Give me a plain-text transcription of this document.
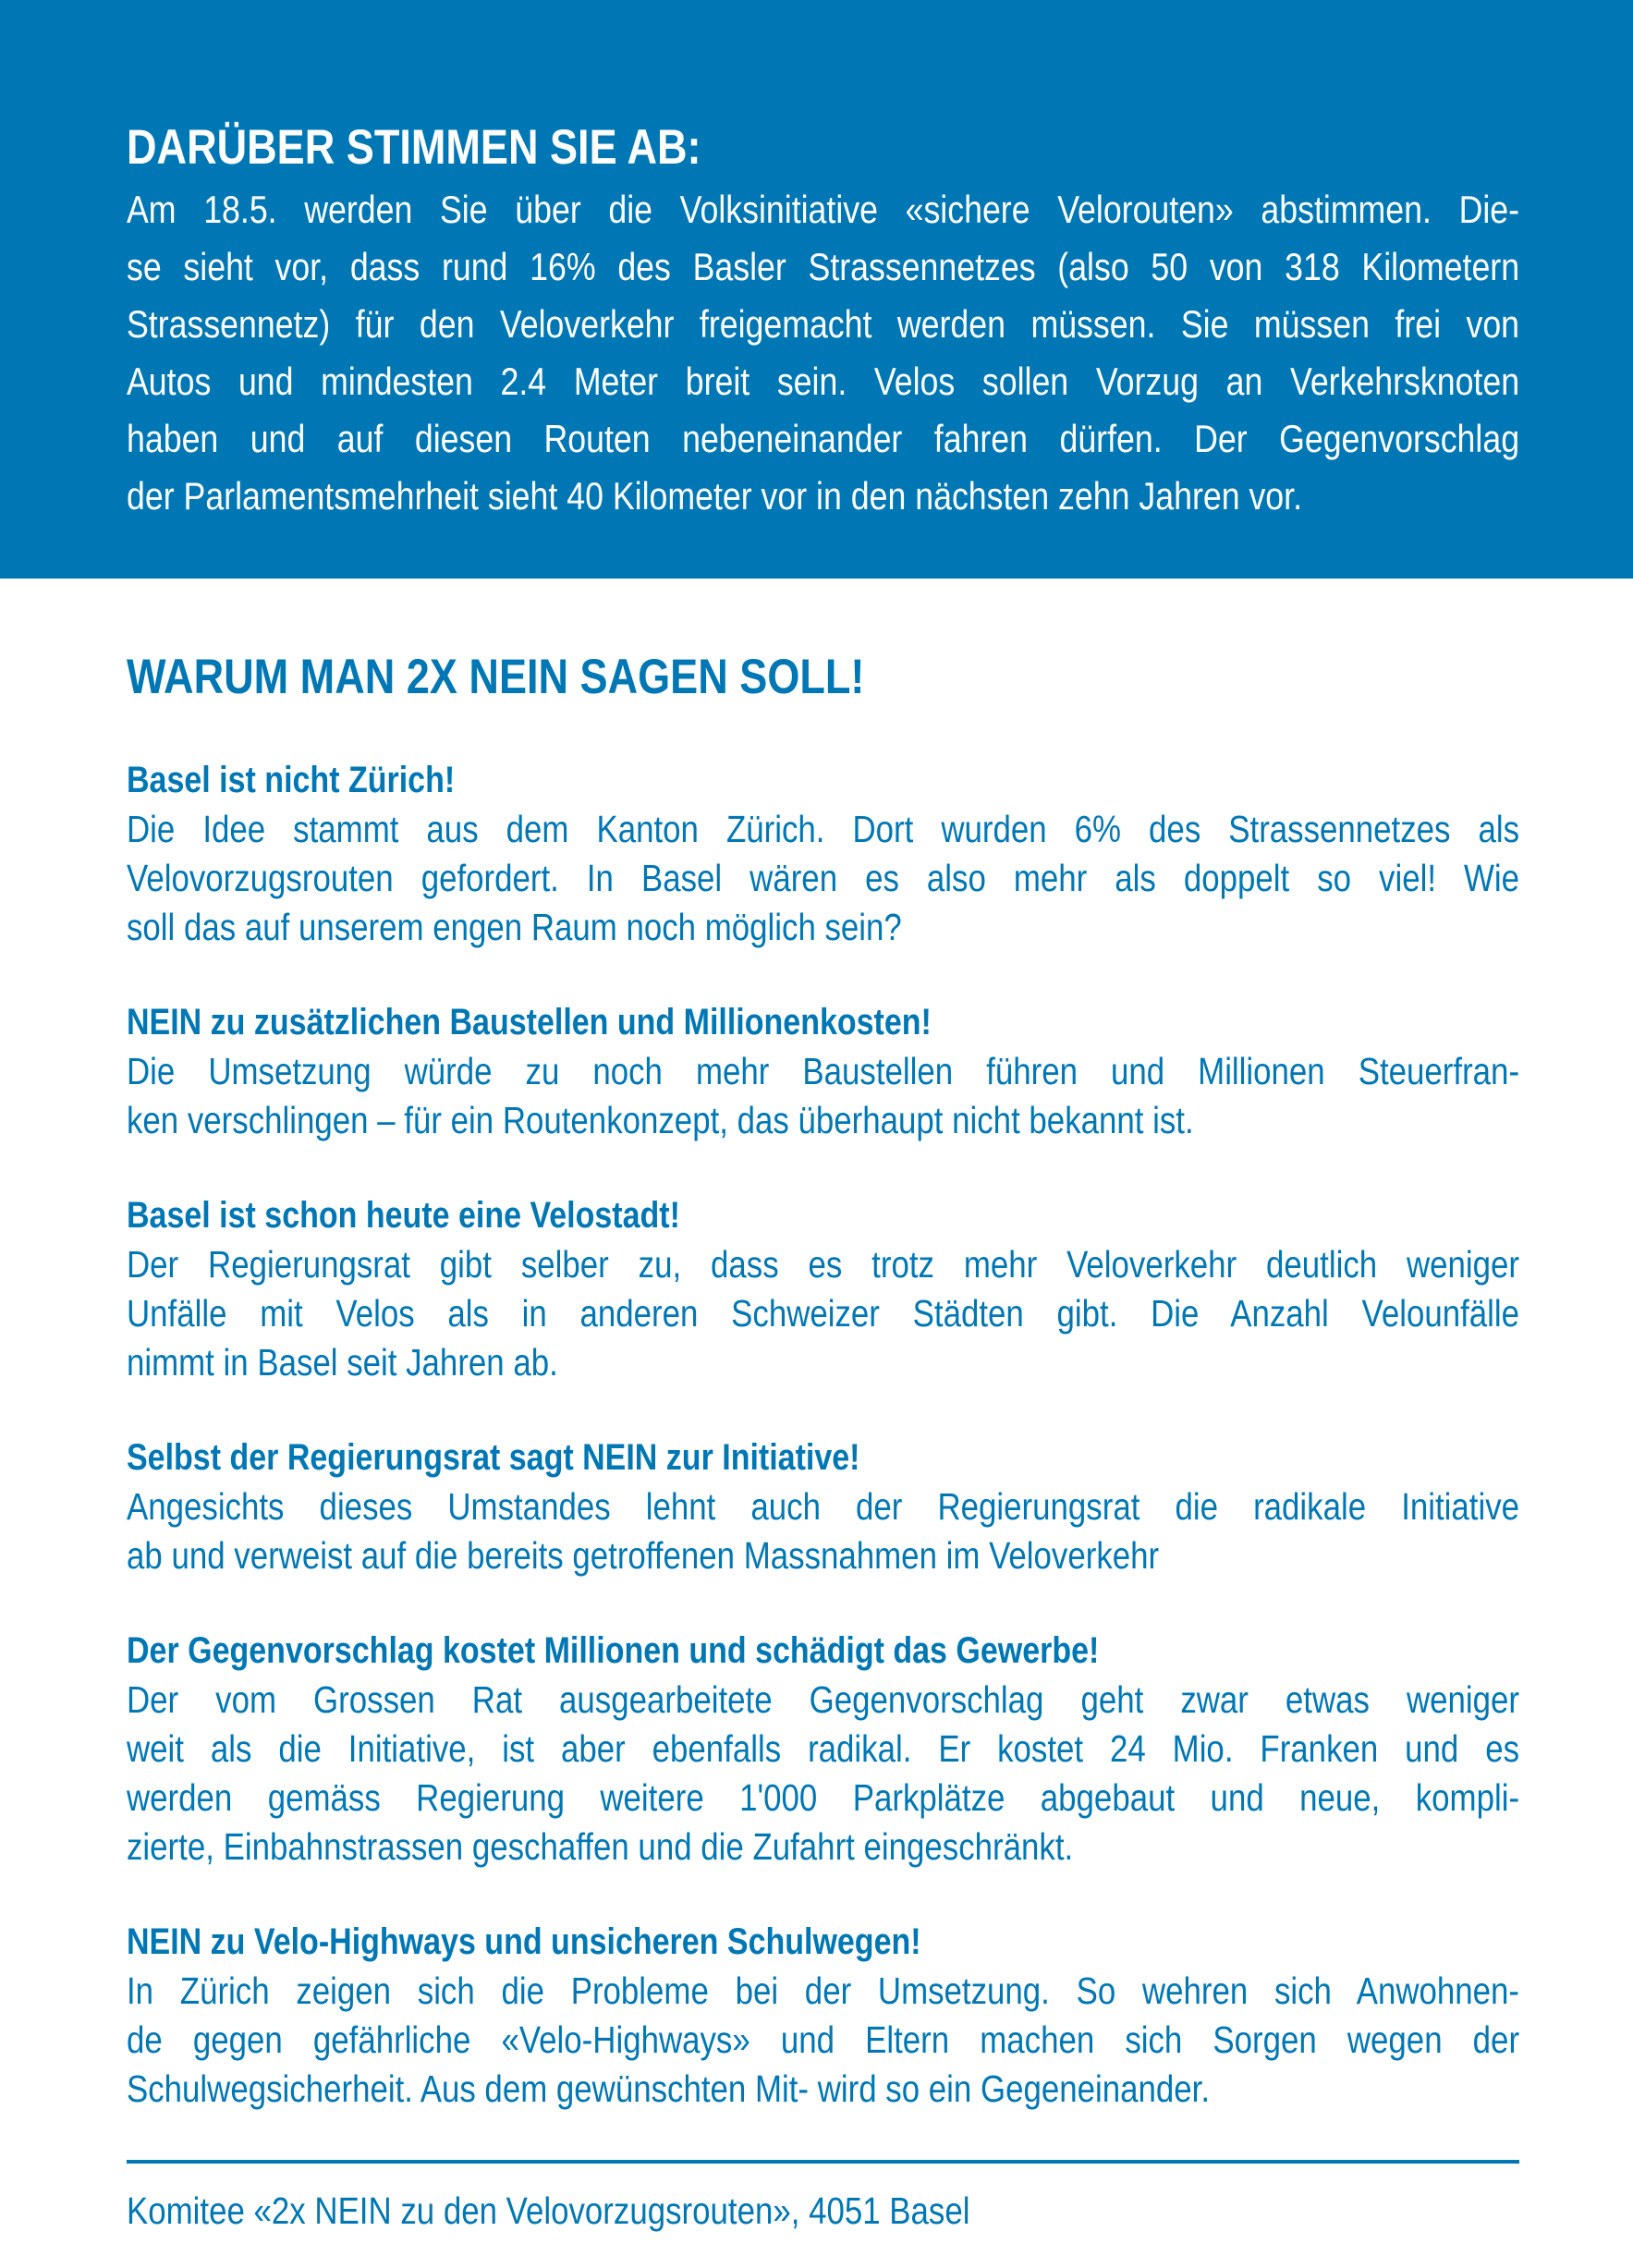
DARÜBER STIMMEN SIE AB:
Am 18.5. werden Sie über die Volksinitiative «sichere Velorouten» abstimmen. Die-
se sieht vor, dass rund 16% des Basler Strassennetzes (also 50 von 318 Kilometern
Strassennetz) für den Veloverkehr freigemacht werden müssen. Sie müssen frei von
Autos und mindesten 2.4 Meter breit sein. Velos sollen Vorzug an Verkehrsknoten
haben und auf diesen Routen nebeneinander fahren dürfen. Der Gegenvorschlag
der Parlamentsmehrheit sieht 40 Kilometer vor in den nächsten zehn Jahren vor.
WARUM MAN 2X NEIN SAGEN SOLL!
Basel ist nicht Zürich!
Die Idee stammt aus dem Kanton Zürich. Dort wurden 6% des Strassennetzes als
Velovorzugsrouten gefordert. In Basel wären es also mehr als doppelt so viel! Wie
soll das auf unserem engen Raum noch möglich sein?
NEIN zu zusätzlichen Baustellen und Millionenkosten!
Die Umsetzung würde zu noch mehr Baustellen führen und Millionen Steuerfran-
ken verschlingen – für ein Routenkonzept, das überhaupt nicht bekannt ist.
Basel ist schon heute eine Velostadt!
Der Regierungsrat gibt selber zu, dass es trotz mehr Veloverkehr deutlich weniger
Unfälle mit Velos als in anderen Schweizer Städten gibt. Die Anzahl Velounfälle
nimmt in Basel seit Jahren ab.
Selbst der Regierungsrat sagt NEIN zur Initiative!
Angesichts dieses Umstandes lehnt auch der Regierungsrat die radikale Initiative
ab und verweist auf die bereits getroffenen Massnahmen im Veloverkehr
Der Gegenvorschlag kostet Millionen und schädigt das Gewerbe!
Der vom Grossen Rat ausgearbeitete Gegenvorschlag geht zwar etwas weniger
weit als die Initiative, ist aber ebenfalls radikal. Er kostet 24 Mio. Franken und es
werden gemäss Regierung weitere 1'000 Parkplätze abgebaut und neue, kompli-
zierte, Einbahnstrassen geschaffen und die Zufahrt eingeschränkt.
NEIN zu Velo-Highways und unsicheren Schulwegen!
In Zürich zeigen sich die Probleme bei der Umsetzung. So wehren sich Anwohnen-
de gegen gefährliche «Velo-Highways» und Eltern machen sich Sorgen wegen der
Schulwegsicherheit. Aus dem gewünschten Mit- wird so ein Gegeneinander.
Komitee «2x NEIN zu den Velovorzugsrouten», 4051 Basel
